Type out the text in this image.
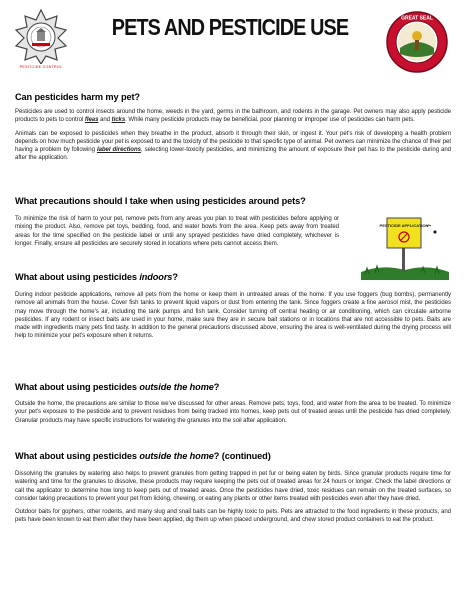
PESTICIDE CONTROL
PETS AND PESTICIDE USE	GREAT SEAL
Can pesticides harm my pet?

Pesticides are used to control insects around the home, weeds in the yard, germs in the bathroom, and rodents in the garage. Pet owners may also apply pesticide products to pets to control fleas and ticks. While many pesticide products may be beneficial, poor planning or improper use of pesticides can harm pets.

Animals can be exposed to pesticides when they breathe in the product, absorb it through their skin, or ingest it. Your pet’s risk of developing a health problem depends on how much pesticide your pet is exposed to and the toxicity of the pesticide to that specific type of animal. Pet owners can minimize the chance of their pet having a problem by following label directions, selecting lower-toxicity pesticides, and minimizing the amount of exposure their pet has to the pesticide during and after the application.

What precautions should I take when using pesticides around pets?

To minimize the risk of harm to your pet, remove pets from any areas you plan to treat with pesticides before applying or mixing the product. Also, remove pet toys, bedding, food, and water bowls from the area. Keep pets away from treated areas for the time specified on the pesticide label or until any sprayed pesticides have dried completely, whichever is longer. Finally, ensure all pesticides are securely stored in locations where pets cannot access them.

PESTICIDE APPLICATION
What about using pesticides indoors?

During indoor pesticide applications, remove all pets from the home or keep them in untreated areas of the home. If you use foggers (bug bombs), permanently remove all animals from the house. Cover fish tanks to prevent liquid vapors or dust from entering the tank. Since foggers create a fine aerosol mist, the pesticides may move through the home's air, including the tank pumps and fish tank. Consider turning off central heating or air conditioning, which can circulate airborne pesticides. If any rodent or insect baits are used in your home, make sure they are in secure bait stations or in locations that are not accessible to pets. Baits are made with ingredients many pets find tasty. In addition to the general precautions discussed above, ensuring the area is well-ventilated during the drying process will help to minimize your pet’s exposure when it returns.

What about using pesticides outside the home?

Outside the home, the precautions are similar to those we’ve discussed for other areas. Remove pets, toys, food, and water from the area to be treated. To minimize your pet's exposure to the pesticide and to prevent residues from being tracked into homes, keep pets out of treated areas until the pesticide has dried completely. Granular products may have specific instructions for watering the granules into the soil after application.

What about using pesticides outside the home? (continued)

Dissolving the granules by watering also helps to prevent granules from getting trapped in pet fur or being eaten by birds. Since granular products require time for watering and time for the granules to dissolve, these products may require keeping the pets out of treated areas for 24 hours or longer. Check the label directions or call the applicator to determine how long to keep pets out of treated areas. Once the pesticides have dried, toxic residues can remain on the treated surfaces, so consider taking precautions to prevent your pet from licking, chewing, or eating any plants or other items treated with pesticides even after they have dried.

Outdoor baits for gophers, other rodents, and many slug and snail baits can be highly toxic to pets. Pets are attracted to the food ingredients in these products, and pets have been known to eat them after they have been applied, dig them up when placed underground, and chew stored product containers to eat the product.
